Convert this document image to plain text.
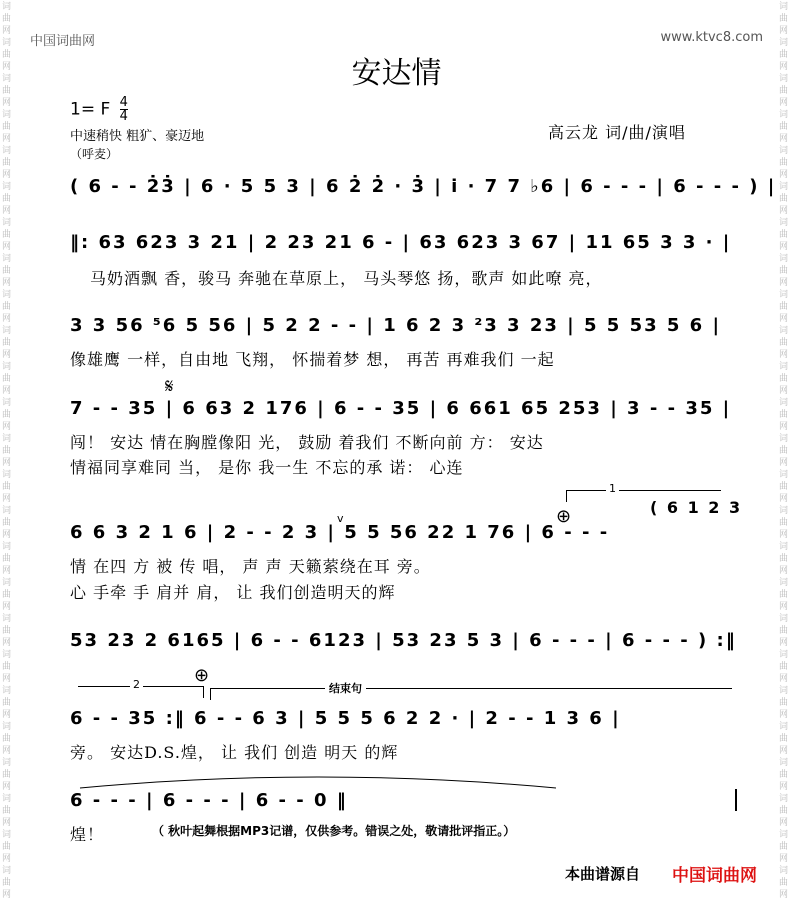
词
曲
网
词
曲
网
词
曲
网
词
曲
网
词
曲
网
词
曲
网
词
曲
网
词
曲
网
词
曲
网
词
曲
网
词
曲
网
词
曲
网
词
曲
网
词
曲
网
词
曲
网
词
曲
网
词
曲
网
词
曲
网
词
曲
网
词
曲
网
词
曲
网
词
曲
网
词
曲
网
词
曲
网
词
曲
网
词
曲
网
词
曲
网
词
曲
网
词
曲
网
词
曲
网
词
曲
网
词
曲
网
词
曲
网
词
曲
网
词
曲
网
词
曲
网
词
曲
网
词
曲
网
词
曲
网
词
曲
网
词
曲
网
词
曲
网
词
曲
网
词
曲
网
词
曲
网
词
曲
网
词
曲
网
词
曲
网
词
曲
网
词
曲
网
中国词曲网	www.ktvc8.com
安达情
1= F $\frac{4}{4}$
中速稍快 粗犷、豪迈地
（呼麦）
高云龙 词/曲/演唱
( 6 - - 2̇3̇ | 6 · 5 5 3 | 6 2̇ 2̇ · 3̇ | i · 7 7 ♭6 | 6 - - - | 6 - - - ) |
‖: 63 623 3 21 | 2 23 21 6 - | 63 623 3 67 | 11 65 3 3 · |
马奶酒飘 香，骏马 奔驰在草原上， 马头琴悠 扬，歌声 如此嘹 亮，
3 3 56 ⁵6 5 56 | 5 2 2 - - | 1 6 2 3 ²3 3 23 | 5 5 53 5 6 |
像雄鹰 一样，自由地 飞翔， 怀揣着梦 想， 再苦 再难我们 一起
𝄋
7 - - 35 | 6 63 2 176 | 6 - - 35 | 6 661 65 253 | 3 - - 35 |
闯！ 安达 情在胸膛像阳 光， 鼓励 着我们 不断向前 方： 安达
情福同享难同 当， 是你 我一生 不忘的承 诺： 心连
1
( 6 1 2 3
v	⊕
6 6 3 2 1 6 | 2 - - 2 3 | 5 5 56 22 1 76 | 6 - - -
情 在四 方 被 传 唱， 声 声 天籁萦绕在耳 旁。
心 手牵 手 肩并 肩， 让 我们创造明天的辉
53 23 2 6165 | 6 - - 6123 | 53 23 5 3 | 6 - - - | 6 - - - ) :‖
2	⊕
结束句
6 - - 35 :‖ 6 - - 6 3 | 5 5 5 6 2 2 · | 2 - - 1 3 6 |
旁。 安达D.S.煌， 让 我们 创造 明天 的辉
6 - - - | 6 - - - | 6 - - 0 ‖
煌！	（ 秋叶起舞根据MP3记谱，仅供参考。错误之处，敬请批评指正。）
本曲谱源自 中国词曲网
